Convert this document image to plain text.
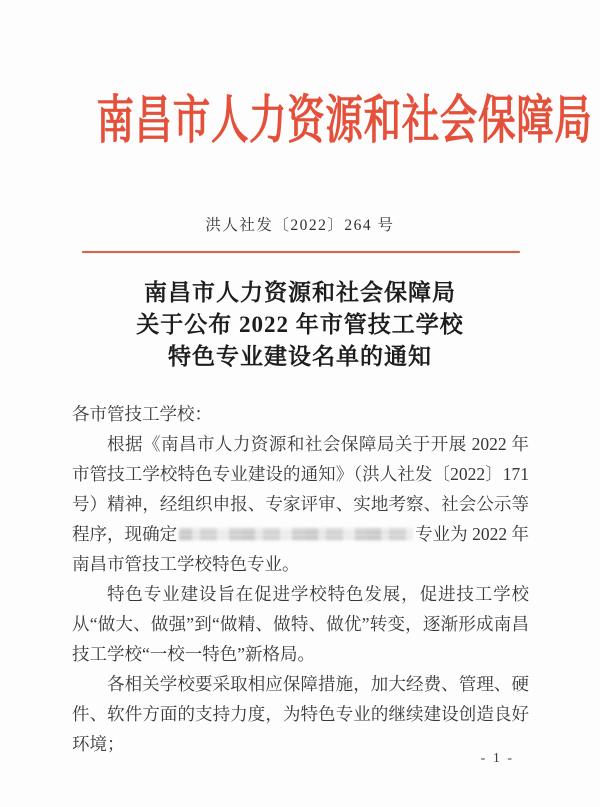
南昌市人力资源和社会保障局
洪人社发〔2022〕264 号
南昌市人力资源和社会保障局
关于公布 2022 年市管技工学校
特色专业建设名单的通知

各市管技工学校：

根据《南昌市人力资源和社会保障局关于开展 2022 年市管技工学校特色专业建设的通知》（洪人社发〔2022〕171 号）精神，经组织申报、专家评审、实地考察、社会公示等程序，现确定	专业为 2022 年南昌市管技工学校特色专业。

特色专业建设旨在促进学校特色发展，促进技工学校从“做大、做强”到“做精、做特、做优”转变，逐渐形成南昌技工学校“一校一特色”新格局。

各相关学校要采取相应保障措施，加大经费、管理、硬件、软件方面的支持力度，为特色专业的继续建设创造良好环境；

- 1 -
